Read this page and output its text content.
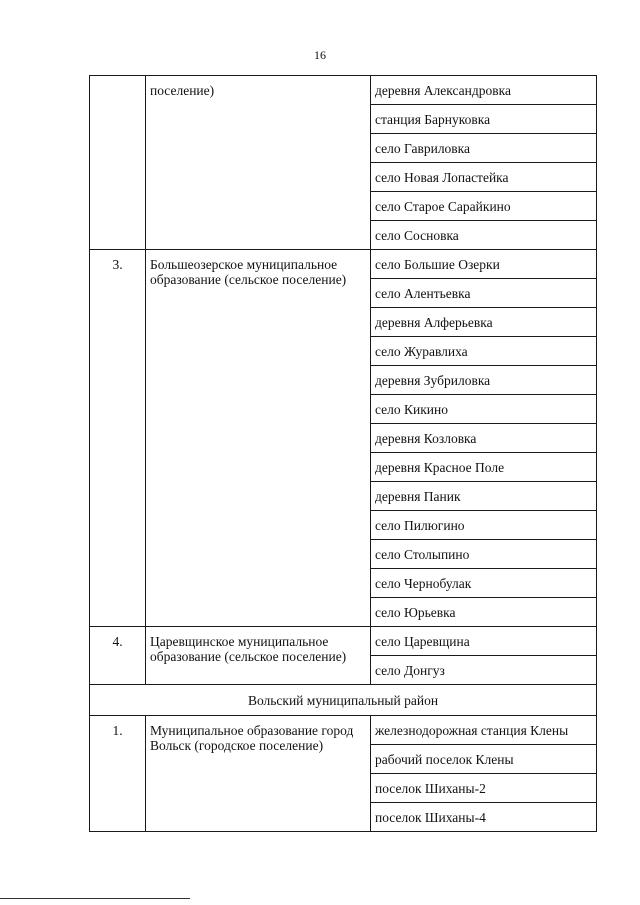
16
	поселение)	деревня Александровка
		станция Барнуковка
		село Гавриловка
		село Новая Лопастейка
		село Старое Сарайкино
		село Сосновка
3.	Большеозерское муниципальное образование (сельское поселение)	село Большие Озерки
		село Алентьевка
		деревня Алферьевка
		село Журавлиха
		деревня Зубриловка
		село Кикино
		деревня Козловка
		деревня Красное Поле
		деревня Паник
		село Пилюгино
		село Столыпино
		село Чернобулак
		село Юрьевка
4.	Царевщинское муниципальное образование (сельское поселение)	село Царевщина
		село Донгуз
Вольский муниципальный район		
1.	Муниципальное образование город Вольск (городское поселение)	железнодорожная станция Клены
		рабочий поселок Клены
		поселок Шиханы-2
		поселок Шиханы-4
